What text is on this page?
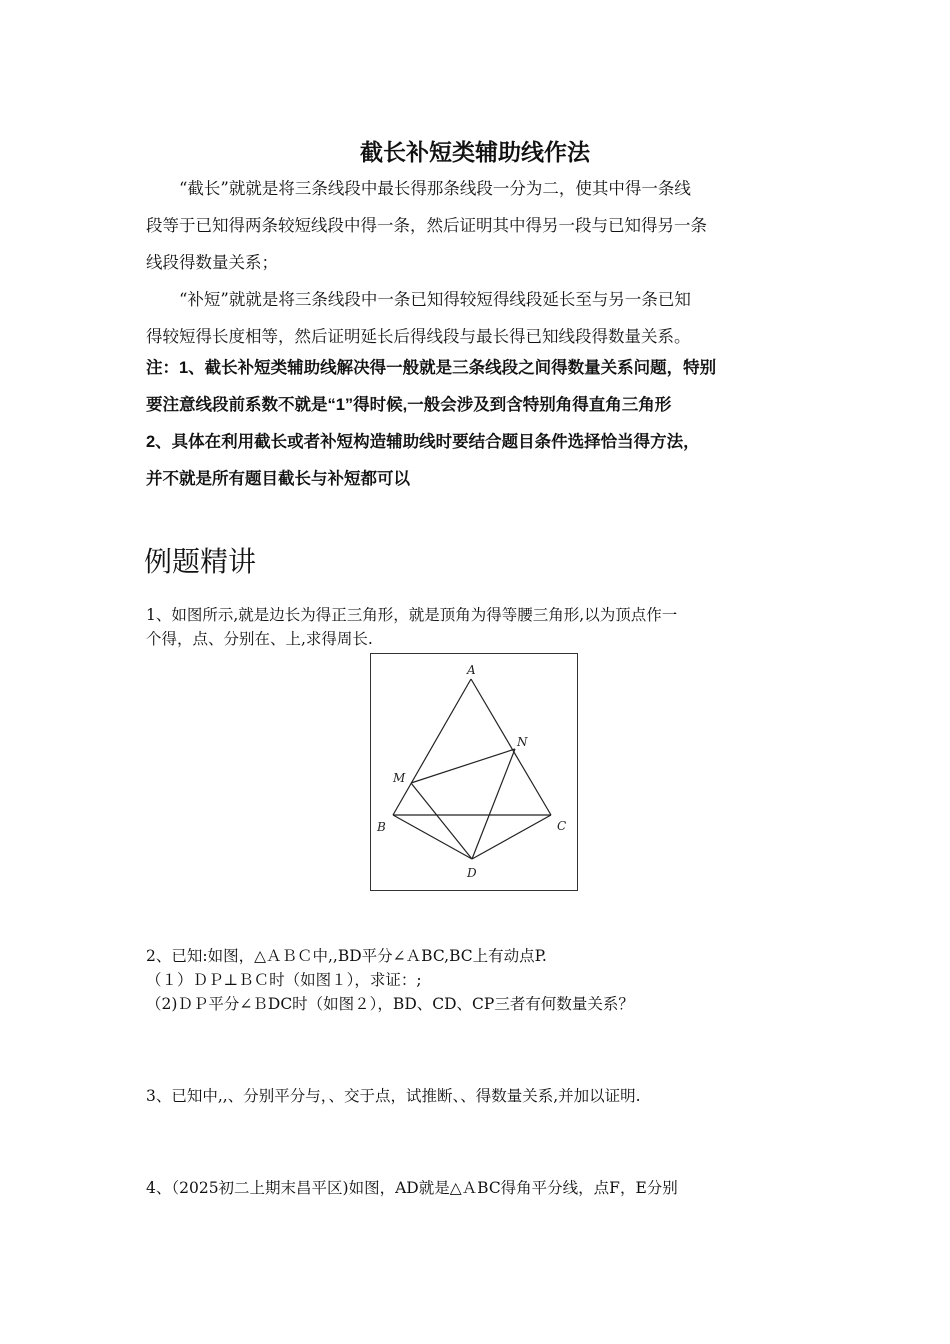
截长补短类辅助线作法

“截长”就就是将三条线段中最长得那条线段一分为二，使其中得一条线
段等于已知得两条较短线段中得一条，然后证明其中得另一段与已知得另一条
线段得数量关系；

“补短”就就是将三条线段中一条已知得较短得线段延长至与另一条已知
得较短得长度相等，然后证明延长后得线段与最长得已知线段得数量关系。

注：1、截长补短类辅助线解决得一般就是三条线段之间得数量关系问题，特别
要注意线段前系数不就是“1”得时候,一般会涉及到含特别角得直角三角形
2、具体在利用截长或者补短构造辅助线时要结合题目条件选择恰当得方法，
并不就是所有题目截长与补短都可以

例题精讲

1、如图所示,就是边长为得正三角形，就是顶角为得等腰三角形,以为顶点作一
个得，点、分别在、上,求得周长.

A
B	C
D
M
N

2、已知:如图，△ＡＢＣ中,,BD平分∠ＡBC,BC上有动点P.
（１）ＤＰ⊥ＢＣ时（如图１），求证：;
（2)ＤＰ平分∠ＢDC时（如图２），BD、CD、CP三者有何数量关系？

3、已知中,,、分别平分与，、交于点，试推断、、得数量关系,并加以证明.

4、（2025初二上期末昌平区)如图，AD就是△ＡBC得角平分线，点F，E分别
